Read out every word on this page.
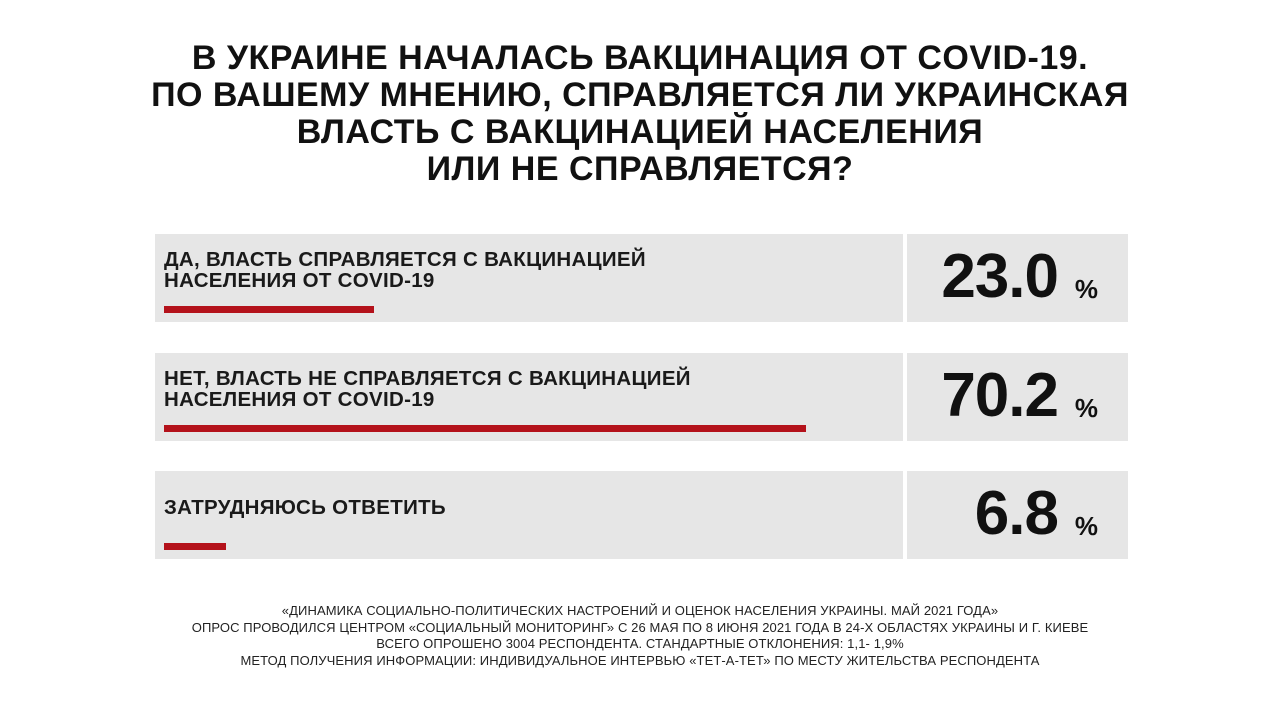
В УКРАИНЕ НАЧАЛАСЬ ВАКЦИНАЦИЯ ОТ COVID-19.
ПО ВАШЕМУ МНЕНИЮ, СПРАВЛЯЕТСЯ ЛИ УКРАИНСКАЯ
ВЛАСТЬ С ВАКЦИНАЦИЕЙ НАСЕЛЕНИЯ
ИЛИ НЕ СПРАВЛЯЕТСЯ?
ДА, ВЛАСТЬ СПРАВЛЯЕТСЯ С ВАКЦИНАЦИЕЙ
НАСЕЛЕНИЯ ОТ COVID-19	23.0 %
НЕТ, ВЛАСТЬ НЕ СПРАВЛЯЕТСЯ С ВАКЦИНАЦИЕЙ
НАСЕЛЕНИЯ ОТ COVID-19	70.2 %
ЗАТРУДНЯЮСЬ ОТВЕТИТЬ	6.8 %
«ДИНАМИКА СОЦИАЛЬНО-ПОЛИТИЧЕСКИХ НАСТРОЕНИЙ И ОЦЕНОК НАСЕЛЕНИЯ УКРАИНЫ. МАЙ 2021 ГОДА»
ОПРОС ПРОВОДИЛСЯ ЦЕНТРОМ «СОЦИАЛЬНЫЙ МОНИТОРИНГ» С 26 МАЯ ПО 8 ИЮНЯ 2021 ГОДА В 24-Х ОБЛАСТЯХ УКРАИНЫ И Г. КИЕВЕ
ВСЕГО ОПРОШЕНО 3004 РЕСПОНДЕНТА. СТАНДАРТНЫЕ ОТКЛОНЕНИЯ: 1,1- 1,9%
МЕТОД ПОЛУЧЕНИЯ ИНФОРМАЦИИ: ИНДИВИДУАЛЬНОЕ ИНТЕРВЬЮ «ТЕТ-А-ТЕТ» ПО МЕСТУ ЖИТЕЛЬСТВА РЕСПОНДЕНТА
